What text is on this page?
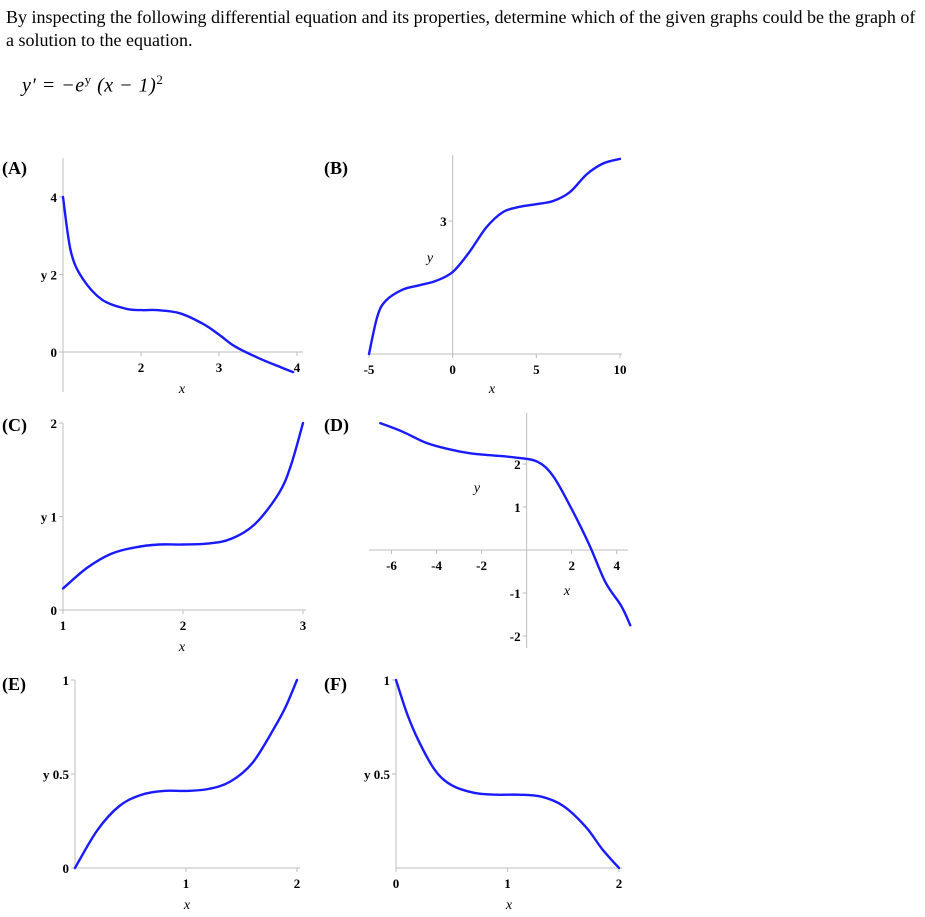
By inspecting the following differential equation and its properties, determine which of the given graphs could be the graph of a solution to the equation.

$y' = -e^y$ $(x - 1)^2$
(A)	(B)
(C)	(D)
(E)	(F)
2	3	4
0
y 2
4
x
-5	0	5	10
3
x
y
1	2	3
0
y 1
2
x
-6	-4	-2	2	4
2
1
-1
-2
x
y
1	2
0
y 0.5
1
x
0	1	2
y 0.5
1
x
